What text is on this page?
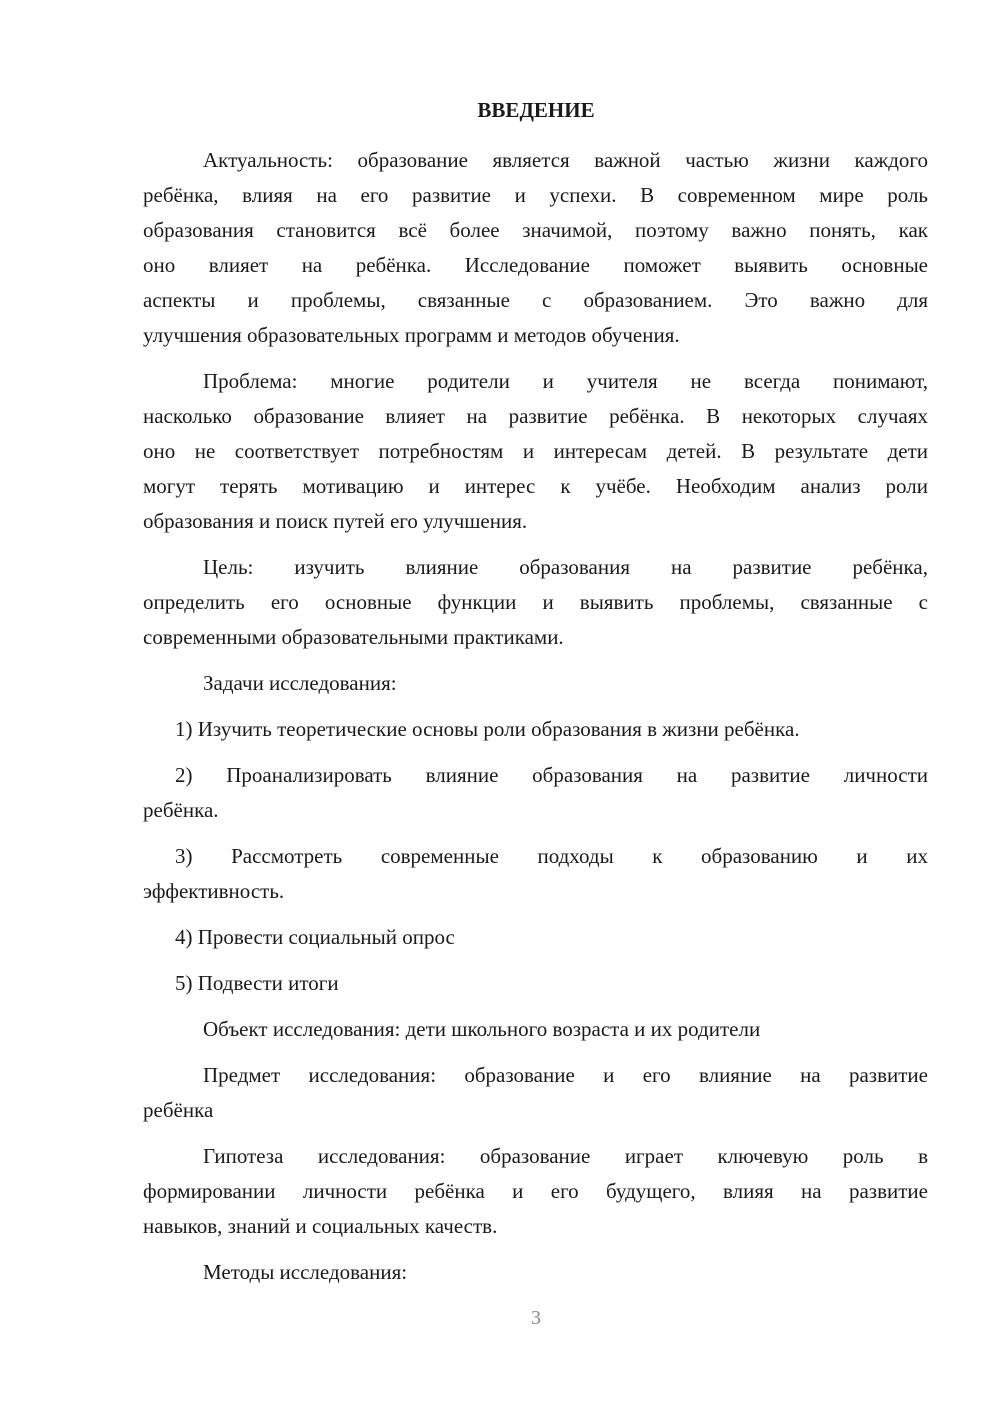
ВВЕДЕНИЕ
Актуальность: образование является важной частью жизни каждого
ребёнка, влияя на его развитие и успехи. В современном мире роль
образования становится всё более значимой, поэтому важно понять, как
оно влияет на ребёнка. Исследование поможет выявить основные
аспекты и проблемы, связанные с образованием. Это важно для
улучшения образовательных программ и методов обучения.
Проблема: многие родители и учителя не всегда понимают,
насколько образование влияет на развитие ребёнка. В некоторых случаях
оно не соответствует потребностям и интересам детей. В результате дети
могут терять мотивацию и интерес к учёбе. Необходим анализ роли
образования и поиск путей его улучшения.
Цель: изучить влияние образования на развитие ребёнка,
определить его основные функции и выявить проблемы, связанные с
современными образовательными практиками.
Задачи исследования:
1) Изучить теоретические основы роли образования в жизни ребёнка.
2) Проанализировать влияние образования на развитие личности
ребёнка.
3) Рассмотреть современные подходы к образованию и их
эффективность.
4) Провести социальный опрос
5) Подвести итоги
Объект исследования: дети школьного возраста и их родители
Предмет исследования: образование и его влияние на развитие
ребёнка
Гипотеза исследования: образование играет ключевую роль в
формировании личности ребёнка и его будущего, влияя на развитие
навыков, знаний и социальных качеств.
Методы исследования:
3
